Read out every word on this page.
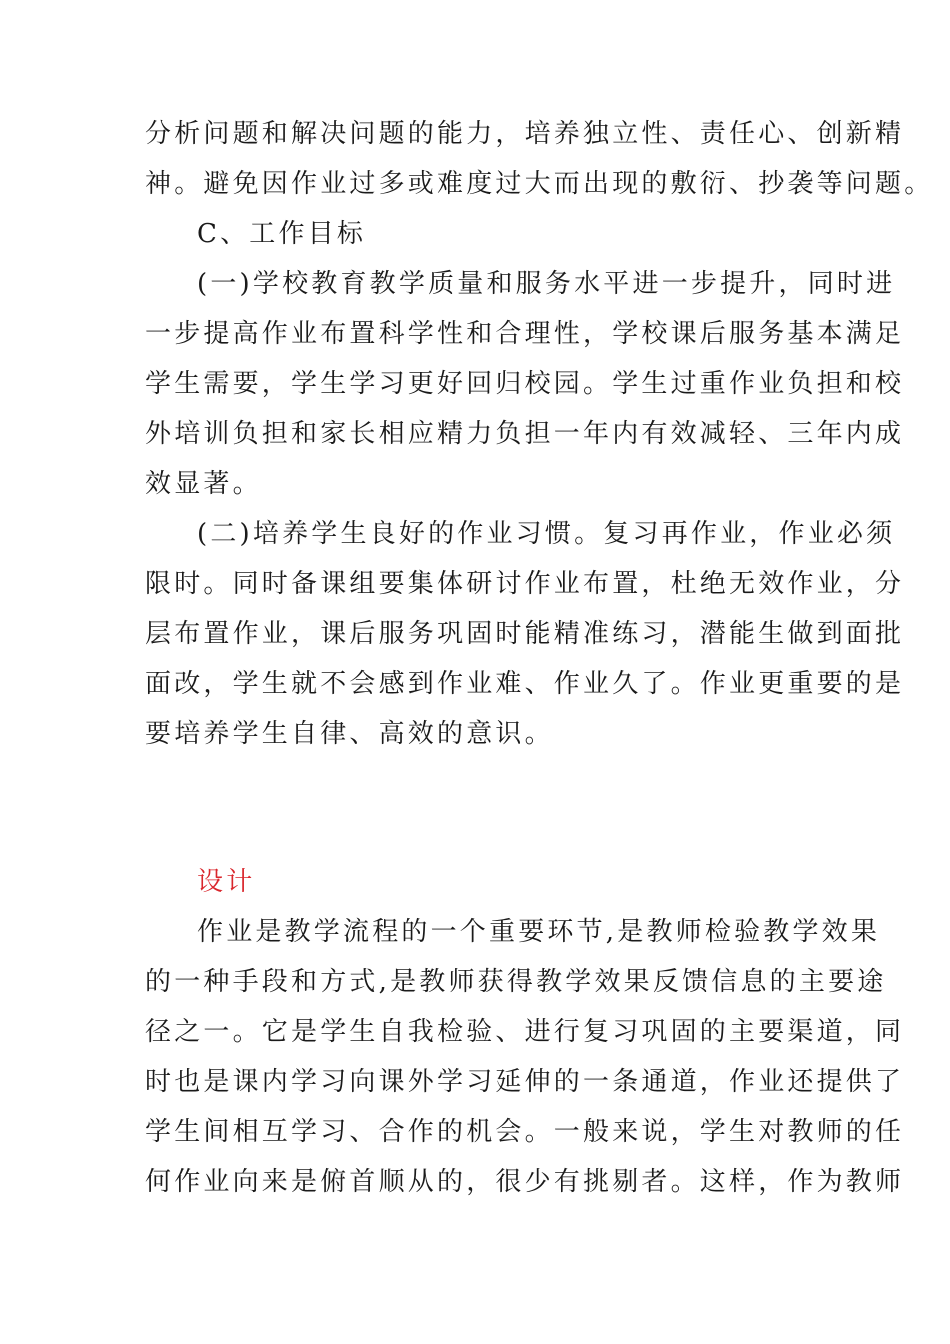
分析问题和解决问题的能力，培养独立性、责任心、创新精
神。避免因作业过多或难度过大而出现的敷衍、抄袭等问题。
C、工作目标
(一)学校教育教学质量和服务水平进一步提升，同时进
一步提高作业布置科学性和合理性，学校课后服务基本满足
学生需要，学生学习更好回归校园。学生过重作业负担和校
外培训负担和家长相应精力负担一年内有效减轻、三年内成
效显著。
(二)培养学生良好的作业习惯。复习再作业，作业必须
限时。同时备课组要集体研讨作业布置，杜绝无效作业，分
层布置作业，课后服务巩固时能精准练习，潜能生做到面批
面改，学生就不会感到作业难、作业久了。作业更重要的是
要培养学生自律、高效的意识。
设计
作业是教学流程的一个重要环节,是教师检验教学效果
的一种手段和方式,是教师获得教学效果反馈信息的主要途
径之一。它是学生自我检验、进行复习巩固的主要渠道，同
时也是课内学习向课外学习延伸的一条通道，作业还提供了
学生间相互学习、合作的机会。一般来说，学生对教师的任
何作业向来是俯首顺从的，很少有挑剔者。这样，作为教师
